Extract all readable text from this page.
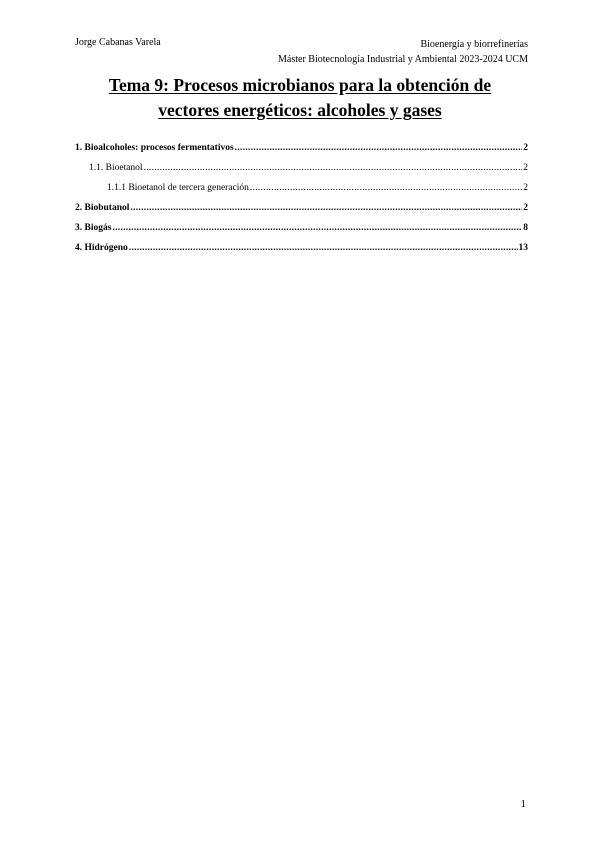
Jorge Cabanas Varela	Bioenergía y biorrefinerías
Máster Biotecnología Industrial y Ambiental 2023-2024 UCM
Tema 9: Procesos microbianos para la obtención de
vectores energéticos: alcoholes y gases
1. Bioalcoholes: procesos fermentativos .....	2
1.1. Bioetanol .....	2
1.1.1 Bioetanol de tercera generación .....	2
2. Biobutanol .....	2
3. Biogás .....	8
4. Hidrógeno .....	13
1
